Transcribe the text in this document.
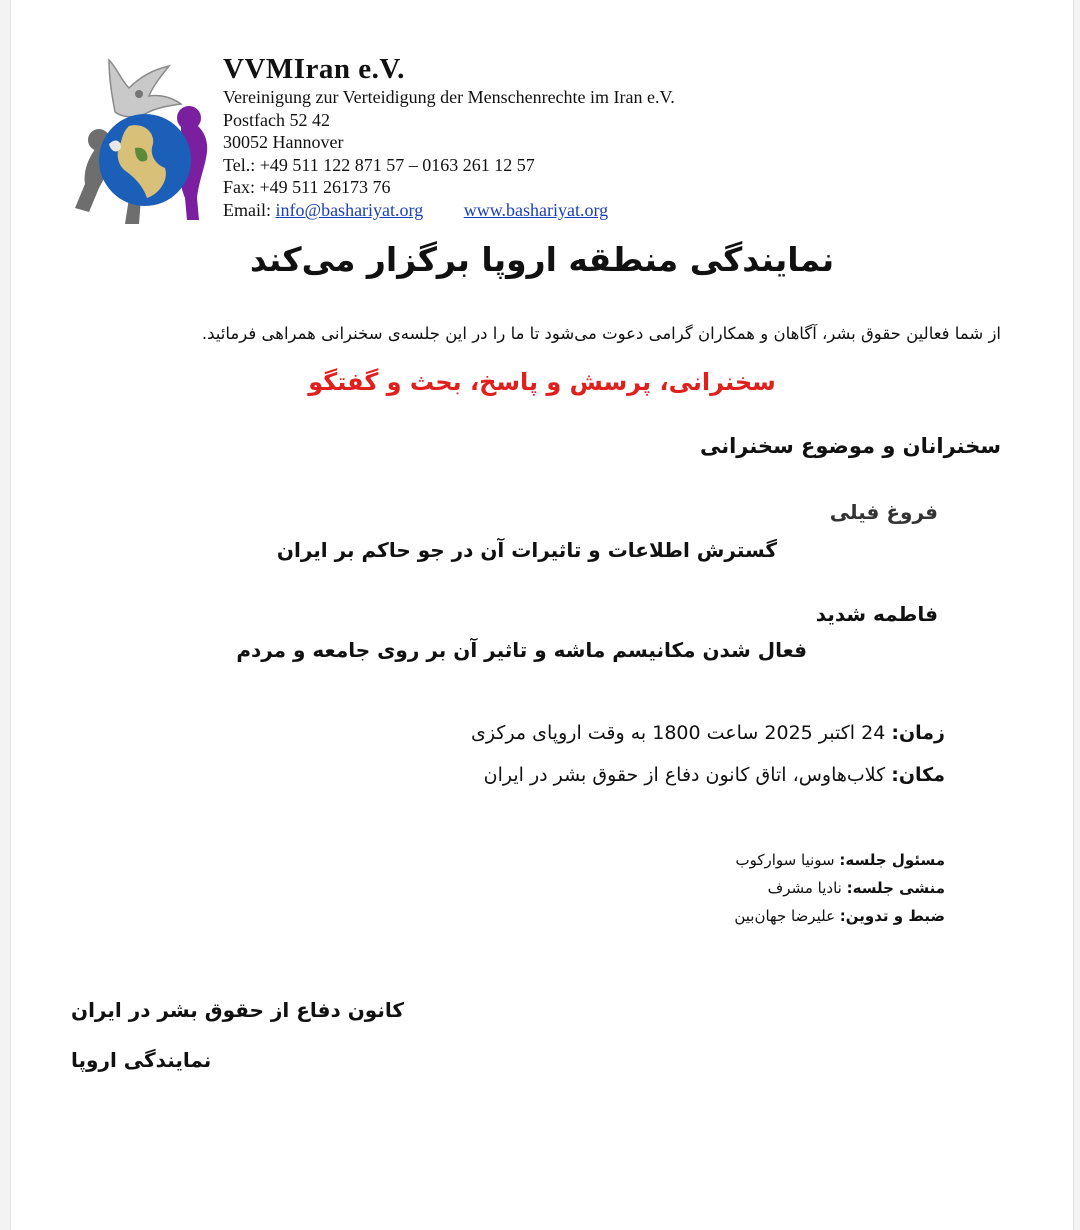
VVMIran e.V.
Vereinigung zur Verteidigung der Menschenrechte im Iran e.V.
Postfach 52 42
30052 Hannover
Tel.: +49 511 122 871 57 – 0163 261 12 57
Fax: +49 511 26173 76
Email: info@bashariyat.org www.bashariyat.org
نمایندگی منطقه اروپا برگزار می‌کند
از شما فعالین حقوق بشر، آگاهان و همکاران گرامی دعوت می‌شود تا ما را در این جلسه‌ی سخنرانی همراهی فرمائید.
سخنرانی، پرسش و پاسخ، بحث و گفتگو
سخنرانان و موضوع سخنرانی
فروغ فیلی
گسترش اطلاعات و تاثیرات آن در جو حاکم بر ایران
فاطمه شدید
فعال شدن مکانیسم ماشه و تاثیر آن بر روی جامعه و مردم
زمان: 24 اکتبر 2025 ساعت 1800 به وقت اروپای مرکزی
مکان: کلاب‌هاوس، اتاق کانون دفاع از حقوق بشر در ایران
مسئول جلسه: سونیا سوارکوب
منشی جلسه: نادیا مشرف
ضبط و تدوین: علیرضا جهان‌بین
کانون دفاع از حقوق بشر در ایران
نمایندگی اروپا
